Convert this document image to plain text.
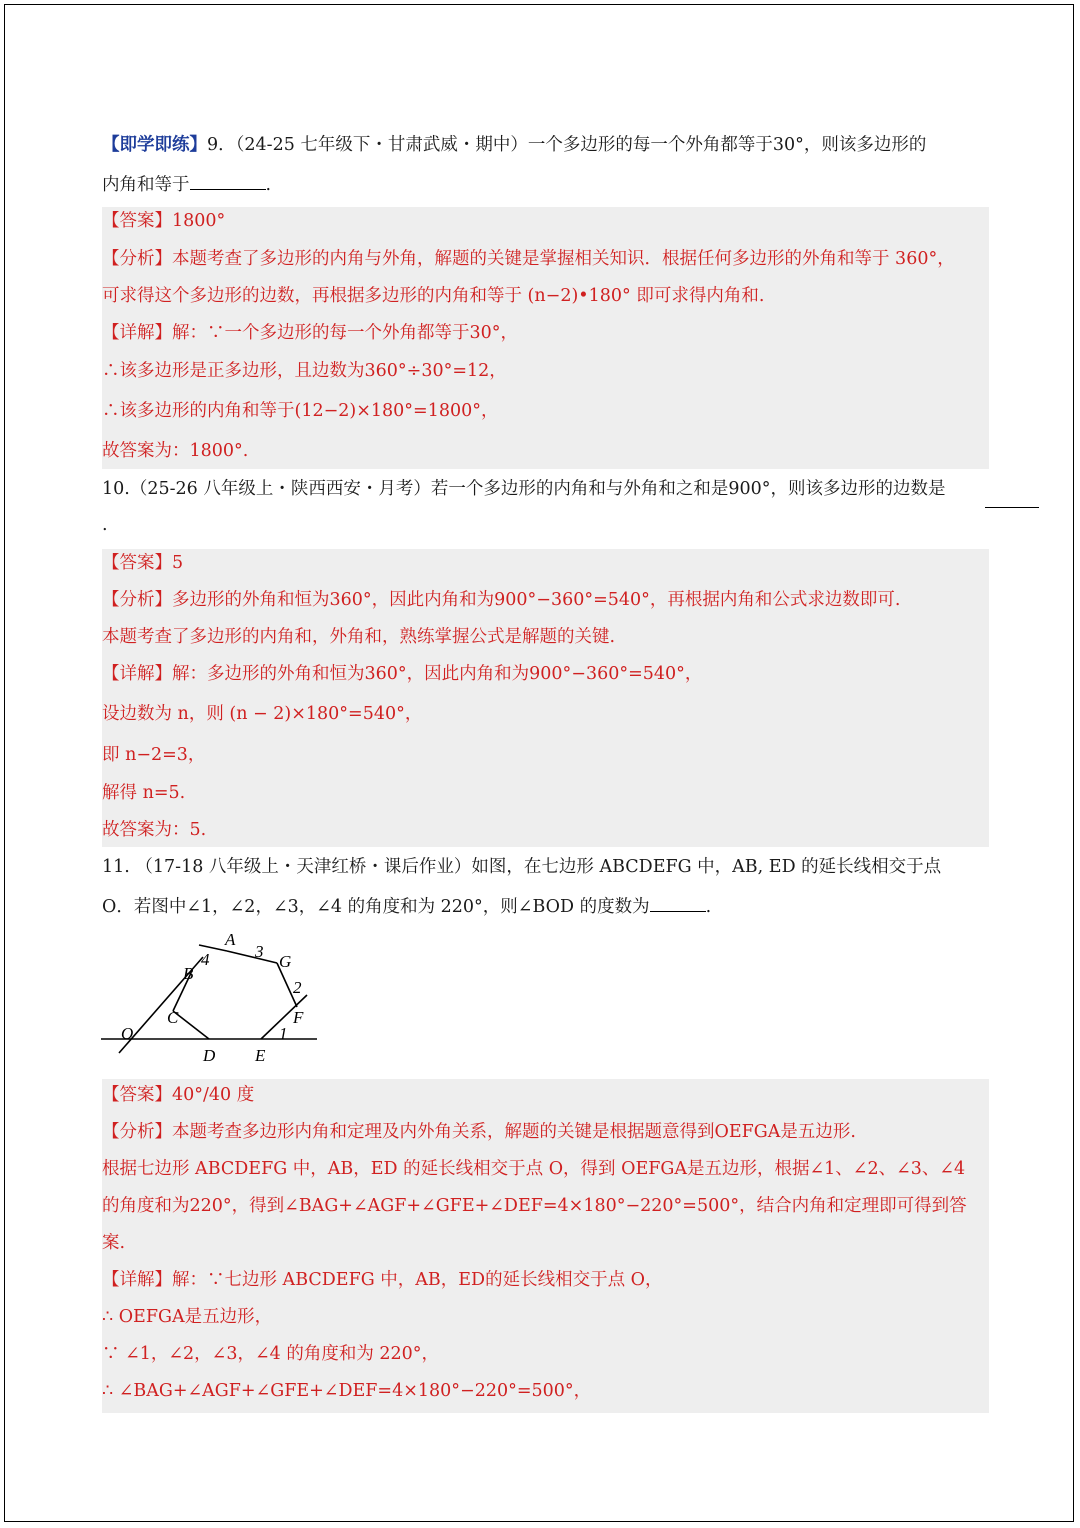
【即学即练】9．（24-25 七年级下・甘肃武威・期中）一个多边形的每一个外角都等于30°，则该多边形的
内角和等于	.
【答案】1800°
【分析】本题考查了多边形的内角与外角，解题的关键是掌握相关知识．根据任何多边形的外角和等于 360°，
可求得这个多边形的边数，再根据多边形的内角和等于 (n−2)•180° 即可求得内角和.
【详解】解：∵一个多边形的每一个外角都等于30°，
∴该多边形是正多边形，且边数为360°÷30°=12，
∴该多边形的内角和等于(12−2)×180°=1800°，
故答案为：1800°.
10.（25-26 八年级上・陕西西安・月考）若一个多边形的内角和与外角和之和是900°，则该多边形的边数是
.
【答案】5
【分析】多边形的外角和恒为360°，因此内角和为900°−360°=540°，再根据内角和公式求边数即可.
本题考查了多边形的内角和，外角和，熟练掌握公式是解题的关键.
【详解】解：多边形的外角和恒为360°，因此内角和为900°−360°=540°，
设边数为 n，则 (n − 2)×180°=540°，
即 n−2=3，
解得 n=5.
故答案为：5.
11. （17-18 八年级上・天津红桥・课后作业）如图，在七边形 ABCDEFG 中，AB, ED 的延长线相交于点
O．若图中∠1，∠2，∠3，∠4 的角度和为 220°，则∠BOD 的度数为	.
A
B
C
D E
F
G
O	1
2
3
4
【答案】40°/40 度
【分析】本题考查多边形内角和定理及内外角关系，解题的关键是根据题意得到OEFGA是五边形.
根据七边形 ABCDEFG 中，AB，ED 的延长线相交于点 O，得到 OEFGA是五边形，根据∠1、∠2、∠3、∠4
的角度和为220°，得到∠BAG+∠AGF+∠GFE+∠DEF=4×180°−220°=500°，结合内角和定理即可得到答
案.
【详解】解：∵七边形 ABCDEFG 中，AB，ED的延长线相交于点 O，
∴ OEFGA是五边形，
∵ ∠1，∠2，∠3，∠4 的角度和为 220°，
∴ ∠BAG+∠AGF+∠GFE+∠DEF=4×180°−220°=500°，
